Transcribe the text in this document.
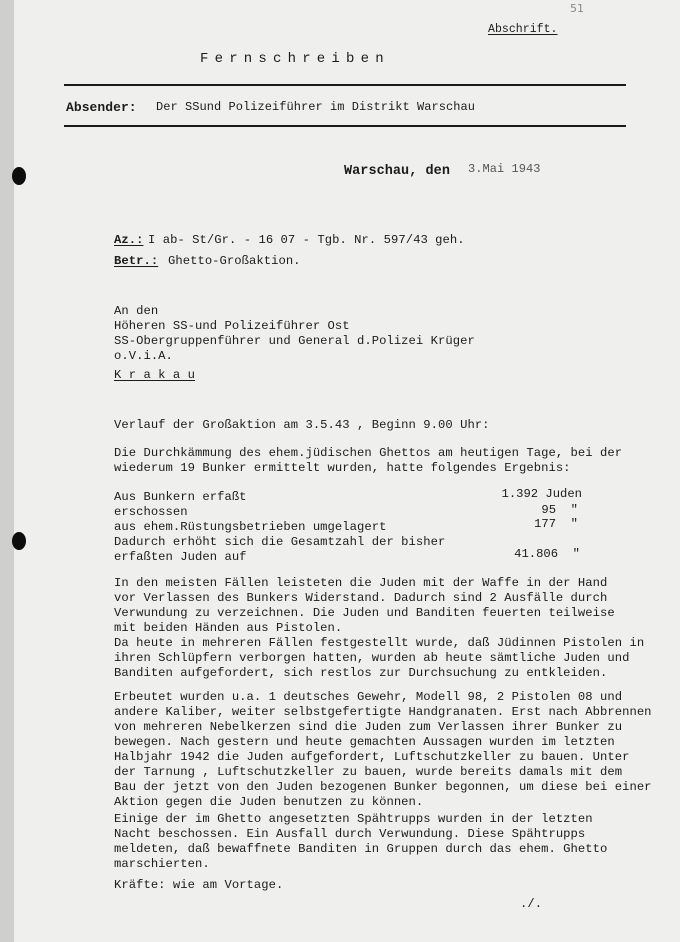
51
Abschrift.
Fernschreiben
Absender: Der SSund Polizeiführer im Distrikt Warschau
Warschau, den 3.Mai 1943
Az.: I ab- St/Gr. - 16 07 - Tgb. Nr. 597/43 geh.
Betr.: Ghetto-Großaktion.
An den
Höheren SS-und Polizeiführer Ost
SS-Obergruppenführer und General d.Polizei Krüger
o.V.i.A.
K r a k a u
Verlauf der Großaktion am 3.5.43 , Beginn 9.00 Uhr:
Die Durchkämmung des ehem.jüdischen Ghettos am heutigen Tage, bei der
wiederum 19 Bunker ermittelt wurden, hatte folgendes Ergebnis:
Aus Bunkern erfaßt	1.392 Juden
erschossen	95  "
aus ehem.Rüstungsbetrieben umgelagert	177  "
Dadurch erhöht sich die Gesamtzahl der bisher
erfaßten Juden auf	41.806  "
In den meisten Fällen leisteten die Juden mit der Waffe in der Hand
vor Verlassen des Bunkers Widerstand. Dadurch sind 2 Ausfälle durch
Verwundung zu verzeichnen. Die Juden und Banditen feuerten teilweise
mit beiden Händen aus Pistolen.
Da heute in mehreren Fällen festgestellt wurde, daß Jüdinnen Pistolen in
ihren Schlüpfern verborgen hatten, wurden ab heute sämtliche Juden und
Banditen aufgefordert, sich restlos zur Durchsuchung zu entkleiden.
Erbeutet wurden u.a. 1 deutsches Gewehr, Modell 98, 2 Pistolen 08 und
andere Kaliber, weiter selbstgefertigte Handgranaten. Erst nach Abbrennen
von mehreren Nebelkerzen sind die Juden zum Verlassen ihrer Bunker zu
bewegen. Nach gestern und heute gemachten Aussagen wurden im letzten
Halbjahr 1942 die Juden aufgefordert, Luftschutzkeller zu bauen. Unter
der Tarnung , Luftschutzkeller zu bauen, wurde bereits damals mit dem
Bau der jetzt von den Juden bezogenen Bunker begonnen, um diese bei einer
Aktion gegen die Juden benutzen zu können.
Einige der im Ghetto angesetzten Spähtrupps wurden in der letzten
Nacht beschossen. Ein Ausfall durch Verwundung. Diese Spähtrupps
meldeten, daß bewaffnete Banditen in Gruppen durch das ehem. Ghetto
marschierten.
Kräfte: wie am Vortage.
./.
